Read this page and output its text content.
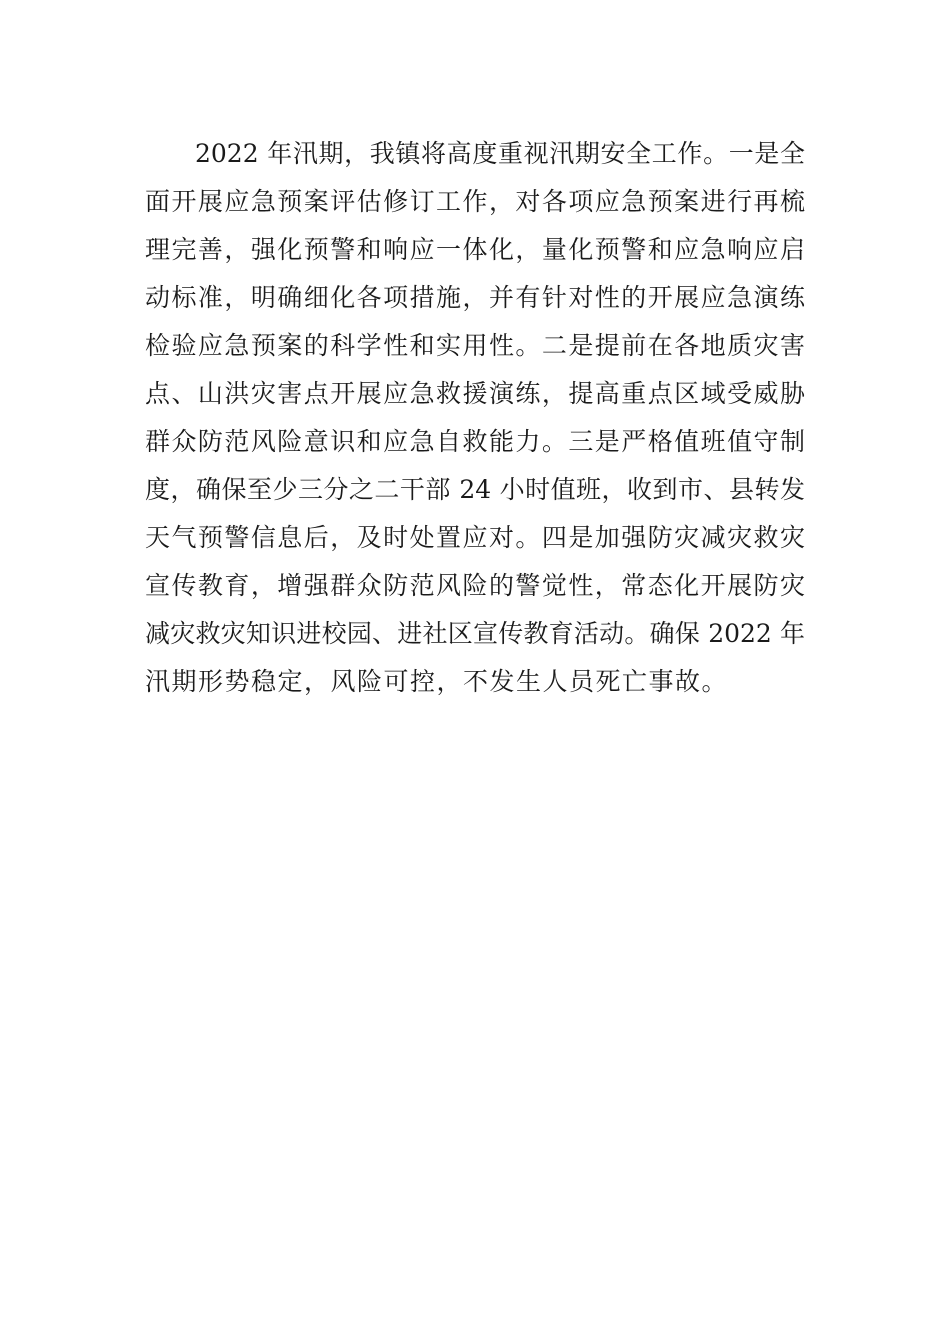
2022 年汛期，我镇将高度重视汛期安全工作。一是全
面开展应急预案评估修订工作，对各项应急预案进行再梳
理完善，强化预警和响应一体化，量化预警和应急响应启
动标准，明确细化各项措施，并有针对性的开展应急演练
检验应急预案的科学性和实用性。二是提前在各地质灾害
点、山洪灾害点开展应急救援演练，提高重点区域受威胁
群众防范风险意识和应急自救能力。三是严格值班值守制
度，确保至少三分之二干部 24 小时值班，收到市、县转发
天气预警信息后，及时处置应对。四是加强防灾减灾救灾
宣传教育，增强群众防范风险的警觉性，常态化开展防灾
减灾救灾知识进校园、进社区宣传教育活动。确保 2022 年
汛期形势稳定，风险可控，不发生人员死亡事故。
